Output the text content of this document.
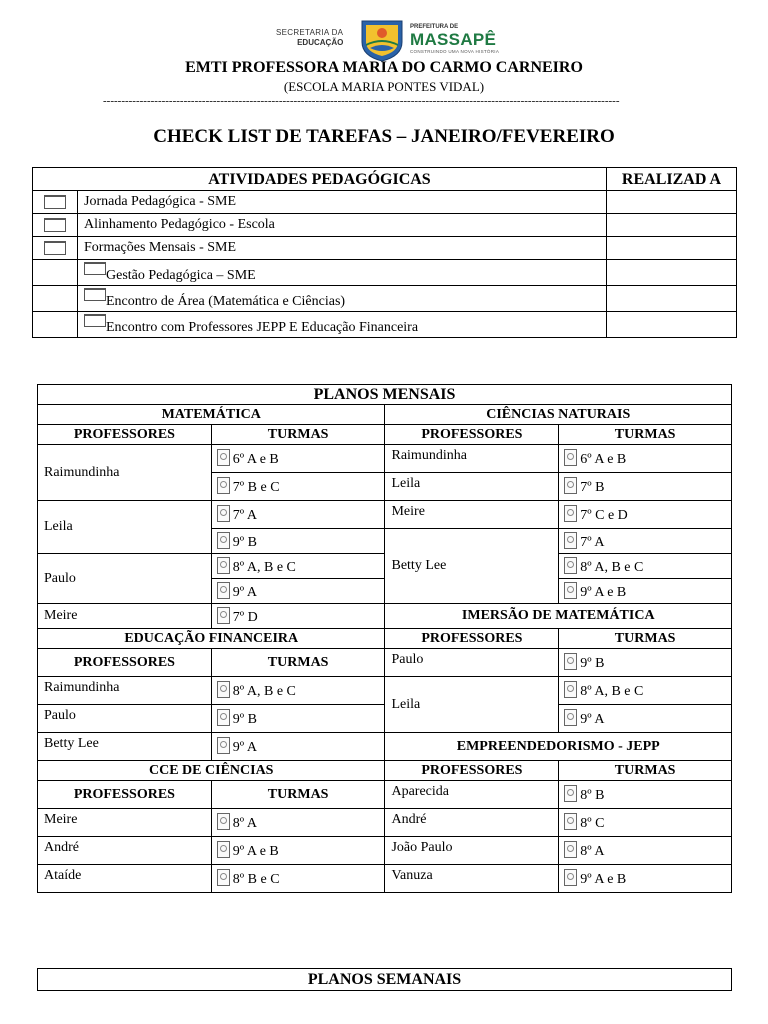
SECRETARIA DA
EDUCAÇÃO
PREFEITURA DE
MASSAPÊ
CONSTRUINDO UMA NOVA HISTÓRIA
EMTI PROFESSORA MARIA DO CARMO CARNEIRO
(ESCOLA MARIA PONTES VIDAL)
---------------------------------------------------------------------------------------------------------------------------------------------
CHECK LIST DE TAREFAS – JANEIRO/FEVEREIRO
ATIVIDADES PEDAGÓGICAS		REALIZAD A
	Jornada Pedagógica - SME	
	Alinhamento Pedagógico - Escola	
	Formações Mensais - SME	
	Gestão Pedagógica – SME	
	Encontro de Área (Matemática e Ciências)	
	Encontro com Professores JEPP E Educação Financeira	
PLANOS MENSAIS			
MATEMÁTICA		CIÊNCIAS NATURAIS	
PROFESSORES	TURMAS	PROFESSORES	TURMAS
Raimundinha	6º A e B	Raimundinha	6º A e B
	7º B e C	Leila	7º B
Leila	7º A	Meire	7º C e D
	9º B	Betty Lee	7º A
Paulo	8º A, B e C		8º A, B e C
	9º A		9º A e B
Meire	7º D	IMERSÃO DE MATEMÁTICA	
EDUCAÇÃO FINANCEIRA		PROFESSORES	TURMAS
PROFESSORES	TURMAS	Paulo	9º B
Raimundinha	8º A, B e C	Leila	8º A, B e C
Paulo	9º B		9º A
Betty Lee	9º A	EMPREENDEDORISMO - JEPP	
CCE DE CIÊNCIAS		PROFESSORES	TURMAS
PROFESSORES	TURMAS	Aparecida	8º B
Meire	8º A	André	8º C
André	9º A e B	João Paulo	8º A
Ataíde	8º B e C	Vanuza	9º A e B
PLANOS SEMANAIS
